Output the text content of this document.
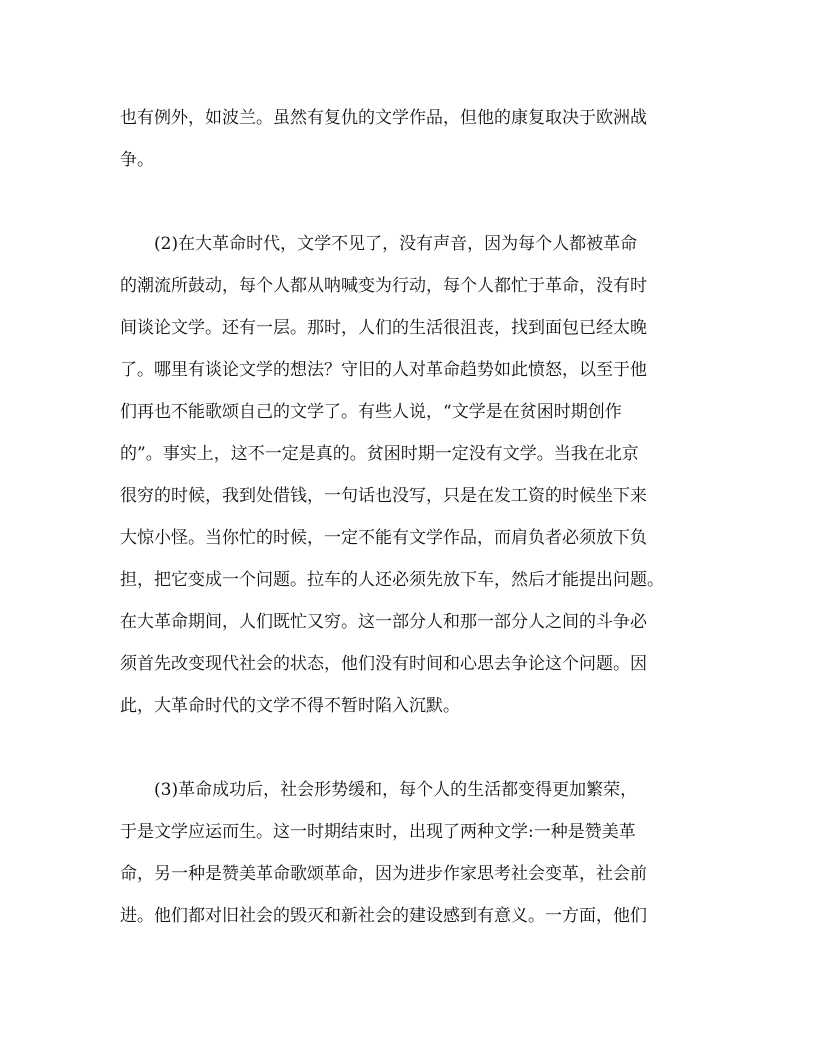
也有例外，如波兰。虽然有复仇的文学作品，但他的康复取决于欧洲战
争。
　　(2)在大革命时代，文学不见了，没有声音，因为每个人都被革命
的潮流所鼓动，每个人都从呐喊变为行动，每个人都忙于革命，没有时
间谈论文学。还有一层。那时，人们的生活很沮丧，找到面包已经太晚
了。哪里有谈论文学的想法？守旧的人对革命趋势如此愤怒，以至于他
们再也不能歌颂自己的文学了。有些人说，“文学是在贫困时期创作
的”。事实上，这不一定是真的。贫困时期一定没有文学。当我在北京
很穷的时候，我到处借钱，一句话也没写，只是在发工资的时候坐下来
大惊小怪。当你忙的时候，一定不能有文学作品，而肩负者必须放下负
担，把它变成一个问题。拉车的人还必须先放下车，然后才能提出问题。
在大革命期间，人们既忙又穷。这一部分人和那一部分人之间的斗争必
须首先改变现代社会的状态，他们没有时间和心思去争论这个问题。因
此，大革命时代的文学不得不暂时陷入沉默。
　　(3)革命成功后，社会形势缓和，每个人的生活都变得更加繁荣，
于是文学应运而生。这一时期结束时，出现了两种文学:一种是赞美革
命，另一种是赞美革命歌颂革命，因为进步作家思考社会变革，社会前
进。他们都对旧社会的毁灭和新社会的建设感到有意义。一方面，他们
